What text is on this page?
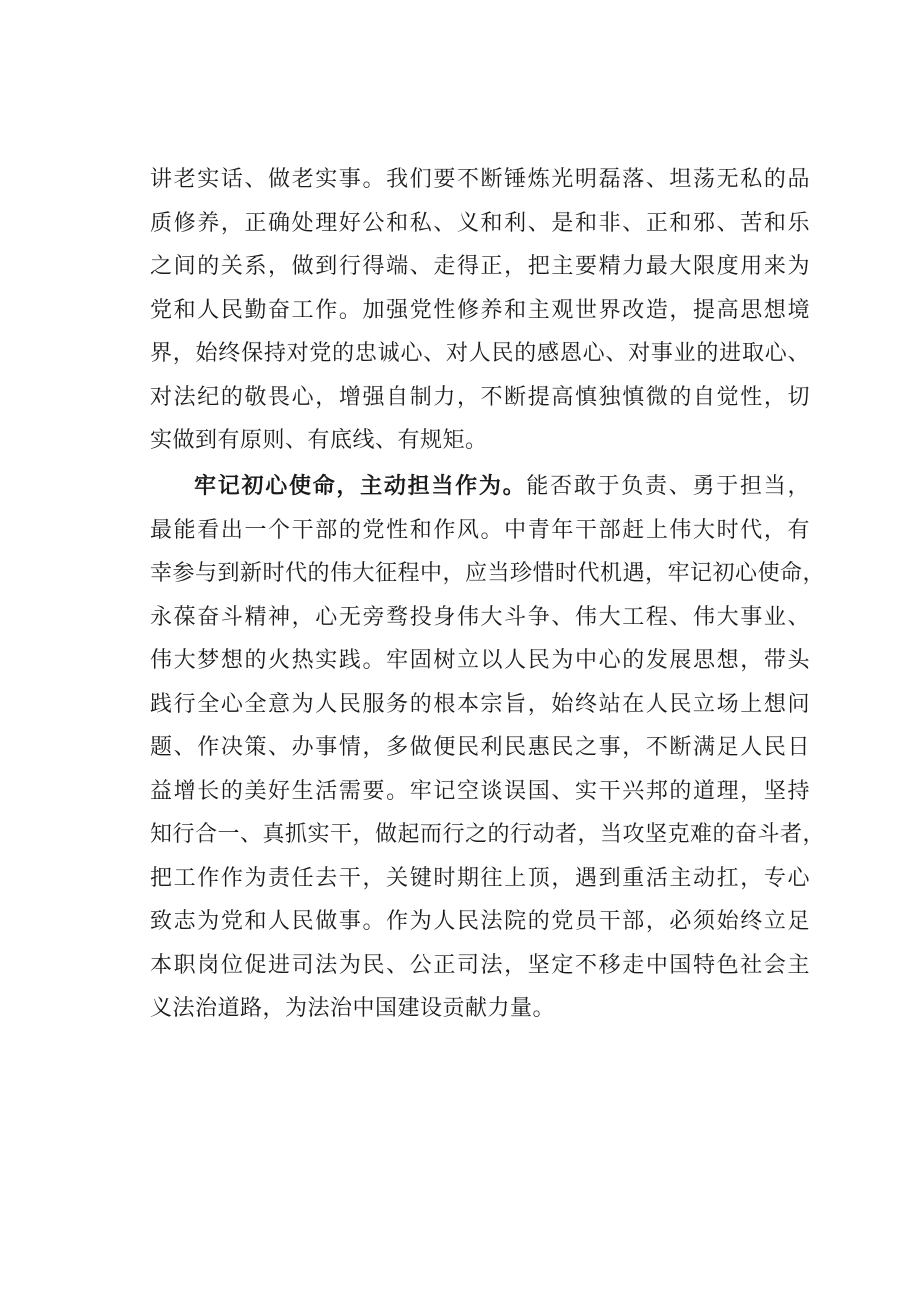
讲老实话、做老实事。我们要不断锤炼光明磊落、坦荡无私的品
质修养，正确处理好公和私、义和利、是和非、正和邪、苦和乐
之间的关系，做到行得端、走得正，把主要精力最大限度用来为
党和人民勤奋工作。加强党性修养和主观世界改造，提高思想境
界，始终保持对党的忠诚心、对人民的感恩心、对事业的进取心、
对法纪的敬畏心，增强自制力，不断提高慎独慎微的自觉性，切
实做到有原则、有底线、有规矩。
牢记初心使命，主动担当作为。能否敢于负责、勇于担当，
最能看出一个干部的党性和作风。中青年干部赶上伟大时代，有
幸参与到新时代的伟大征程中，应当珍惜时代机遇，牢记初心使命，
永葆奋斗精神，心无旁骛投身伟大斗争、伟大工程、伟大事业、
伟大梦想的火热实践。牢固树立以人民为中心的发展思想，带头
践行全心全意为人民服务的根本宗旨，始终站在人民立场上想问
题、作决策、办事情，多做便民利民惠民之事，不断满足人民日
益增长的美好生活需要。牢记空谈误国、实干兴邦的道理，坚持
知行合一、真抓实干，做起而行之的行动者，当攻坚克难的奋斗者，
把工作作为责任去干，关键时期往上顶，遇到重活主动扛，专心
致志为党和人民做事。作为人民法院的党员干部，必须始终立足
本职岗位促进司法为民、公正司法，坚定不移走中国特色社会主
义法治道路，为法治中国建设贡献力量。
